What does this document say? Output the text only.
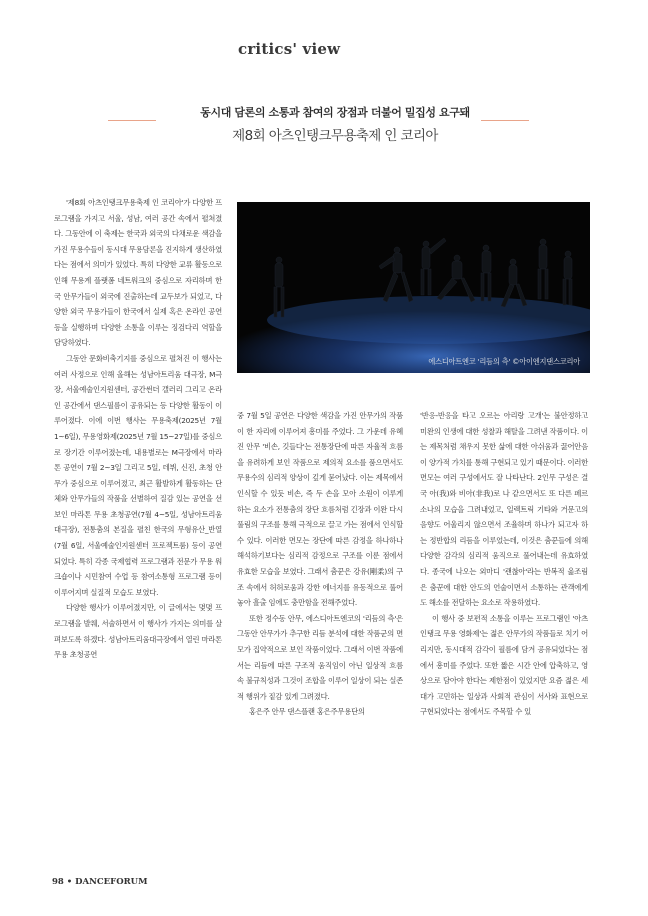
critics' view
동시대 담론의 소통과 참여의 장점과 더불어 밀집성 요구돼
제8회 아츠인탱크무용축제 인 코리아

'제8회 아츠인탱크무용축제 인 코리아'가 다양한 프로그램을 가지고 서울, 성남, 여러 공간 속에서 펼쳐졌다. 그동안에 이 축제는 한국과 외국의 다채로운 색감을 가진 무용수들이 동시대 무용담론을 진지하게 생산하였다는 점에서 의미가 있었다. 특히 다양한 교류 활동으로 인해 무용계 플랫폼 네트워크의 중심으로 자리하며 한국 안무가들이 외국에 진출하는데 교두보가 되었고, 다양한 외국 무용가들이 한국에서 실제 혹은 온라인 공연 등을 실행하며 다양한 소통을 이루는 징검다리 역할을 담당하였다.

그동안 문화비축기지를 중심으로 펼쳐진 이 행사는 여러 사정으로 인해 올해는 성남아트리움 대극장, M극장, 서울예술인지원센터, 공간썬더 갤러리 그리고 온라인 공간에서 댄스필름이 공유되는 등 다양한 활동이 이루어졌다. 이에 이번 행사는 무용축제(2025년 7월 1~6일), 무용영화제(2025년 7월 15~27일)를 중심으로 장기간 이루어졌는데, 내용별로는 M극장에서 마라톤 공연이 7월 2~3일 그리고 5일, 데뷔, 신진, 초청 안무가 중심으로 이루어졌고, 최근 활발하게 활동하는 단체와 안무가들의 작품을 선별하여 질감 있는 공연을 선보인 마라톤 무용 초청공연(7월 4~5일, 성남아트리움 대극장), 전통춤의 본질을 펼친 한국의 무형유산_반열(7월 6일, 서울예술인지원센터 프로젝트룸) 등이 공연되었다. 특히 각종 국제협력 프로그램과 전문가 무용 워크숍이나 시민참여 수업 등 참여소통형 프로그램 등이 이루어지며 실질적 모습도 보였다.

다양한 행사가 이루어졌지만, 이 글에서는 몇몇 프로그램을 발췌, 서술하면서 이 행사가 가지는 의미를 살펴보도록 하겠다. 성남아트리움대극장에서 열린 마라톤 무용 초청공연

에스디아트엔코 '리듬의 측' ©아이엔지댄스코리아

중 7월 5일 공연은 다양한 색감을 가진 안무가의 작품이 한 자리에 이루어져 흥미를 주었다. 그 가운데 유혜진 안무 '비손, 깃들다'는 전통장단에 따른 자율적 흐름을 유려하게 보인 작품으로 제의적 요소를 품으면서도 무용수의 심리적 양상이 깊게 묻어났다. 이는 제목에서 인식할 수 있듯 비손, 즉 두 손을 모아 소원이 이루게 하는 요소가 전통춤의 장단 흐름처럼 긴장과 이완 다시 풀림의 구조를 통해 극적으로 끌고 가는 점에서 인식할 수 있다. 이러한 면모는 장단에 따른 감정을 하나하나 해석하기보다는 심리적 감정으로 구조를 이룬 점에서 유효한 모습을 보였다. 그래서 춤꾼은 강유(剛柔)의 구조 속에서 허허로움과 강한 에너지를 유동적으로 풀어놓아 흘출 임에도 충만함을 전해주었다.

또한 정수동 안무, 에스디아트엔코의 '리듬의 측'은 그동안 안무가가 추구한 리듬 분석에 대한 작품군의 면모가 집약적으로 보인 작품이었다. 그래서 이번 작품에서는 리듬에 따른 구조적 움직임이 아닌 일상적 흐름 속 불규칙성과 그것이 조합을 이루어 일상이 되는 실존적 행위가 짙감 있게 그려졌다.

홍은주 안무 댄스플랜 홍은주무용단의

'반응-반응을 타고 오르는 아리랑 고개'는 불안정하고 미완의 인생에 대한 성찰과 해탈을 그려낸 작품이다. 이는 제목처럼 채우지 못한 삶에 대한 아쉬움과 끓어안음이 양가적 가치를 통해 구현되고 있기 때문이다. 이러한 면모는 여러 구성에서도 잘 나타난다. 2인무 구성은 결국 아(我)와 비아(非我)로 나 같으면서도 또 다른 페르소나의 모습을 그려내었고, 일렉트릭 기타와 거문고의 음향도 어울리지 않으면서 조율하며 하나가 되고자 하는 정반합의 리듬을 이루었는데, 이것은 춤꾼들에 의해 다양한 감각의 심리적 움직으로 풀어내는데 유효하였다. 종국에 나오는 외마디 '괜찮아'라는 반복적 읊조림은 춤꾼에 대한 안도의 언술이면서 소통하는 관객에게도 해소를 전달하는 요소로 작용하였다.

이 행사 중 보편적 소통을 이루는 프로그램인 '아츠인탱크 무용 영화제'는 젊은 안무가의 작품들로 치기 어리지만, 동시대적 감각이 필름에 담겨 공유되었다는 점에서 흥미를 주었다. 또한 짧은 시간 안에 압축하고, 영상으로 담아야 한다는 제한점이 있었지만 요즘 젊은 세대가 고민하는 일상과 사회적 관심이 서사와 표현으로 구현되었다는 점에서도 주목할 수 있

98 • DANCEFORUM
